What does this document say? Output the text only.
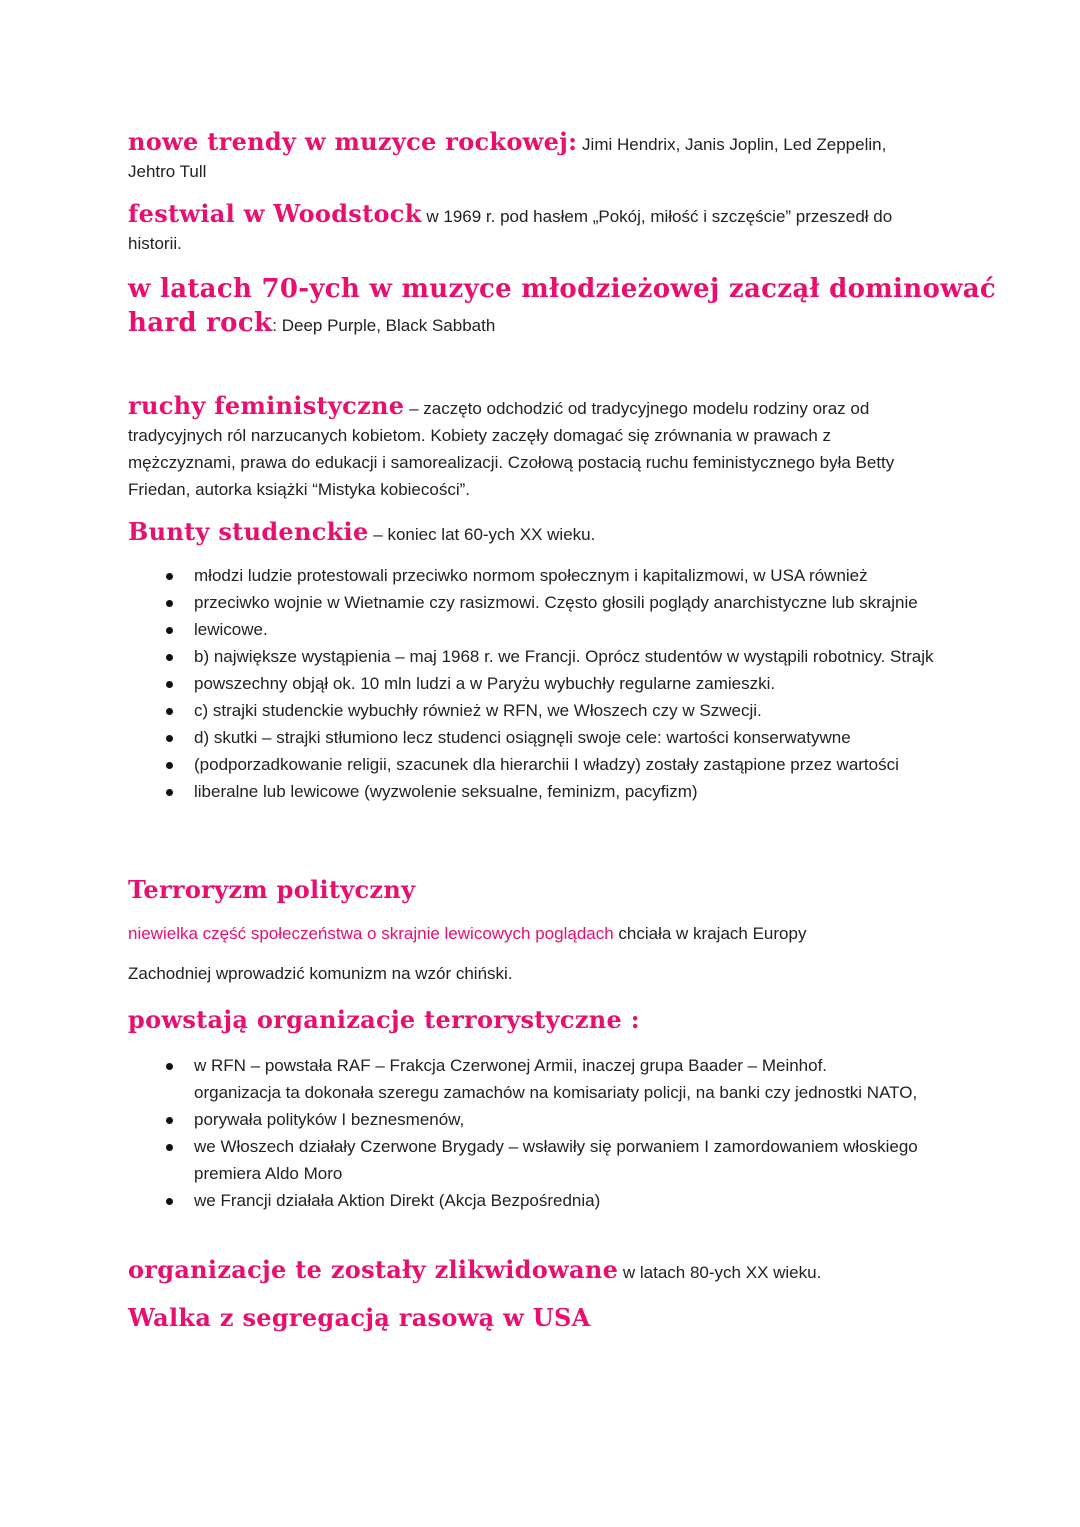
nowe trendy w muzyce rockowej: Jimi Hendrix, Janis Joplin, Led Zeppelin,
Jehtro Tull
festwial w Woodstock w 1969 r. pod hasłem „Pokój, miłość i szczęście” przeszedł do
historii.
w latach 70-ych w muzyce młodzieżowej zaczął dominować
hard rock: Deep Purple, Black Sabbath
ruchy feministyczne – zaczęto odchodzić od tradycyjnego modelu rodziny oraz od
tradycyjnych ról narzucanych kobietom. Kobiety zaczęły domagać się zrównania w prawach z
mężczyznami, prawa do edukacji i samorealizacji. Czołową postacią ruchu feministycznego była Betty
Friedan, autorka książki “Mistyka kobiecości”.
Bunty studenckie – koniec lat 60-ych XX wieku.
młodzi ludzie protestowali przeciwko normom społecznym i kapitalizmowi, w USA również
przeciwko wojnie w Wietnamie czy rasizmowi. Często głosili poglądy anarchistyczne lub skrajnie
lewicowe.
b) największe wystąpienia – maj 1968 r. we Francji. Oprócz studentów w wystąpili robotnicy. Strajk
powszechny objął ok. 10 mln ludzi a w Paryżu wybuchły regularne zamieszki.
c) strajki studenckie wybuchły również w RFN, we Włoszech czy w Szwecji.
d) skutki – strajki stłumiono lecz studenci osiągnęli swoje cele: wartości konserwatywne
(podporzadkowanie religii, szacunek dla hierarchii I władzy) zostały zastąpione przez wartości
liberalne lub lewicowe (wyzwolenie seksualne, feminizm, pacyfizm)
Terroryzm polityczny
niewielka część społeczeństwa o skrajnie lewicowych poglądach chciała w krajach Europy
Zachodniej wprowadzić komunizm na wzór chiński.
powstają organizacje terrorystyczne :
w RFN – powstała RAF – Frakcja Czerwonej Armii, inaczej grupa Baader – Meinhof. organizacja ta dokonała szeregu zamachów na komisariaty policji, na banki czy jednostki NATO,
porywała polityków I beznesmenów,
we Włoszech działały Czerwone Brygady – wsławiły się porwaniem I zamordowaniem włoskiego premiera Aldo Moro
we Francji działała Aktion Direkt (Akcja Bezpośrednia)
organizacje te zostały zlikwidowane w latach 80-ych XX wieku.
Walka z segregacją rasową w USA
